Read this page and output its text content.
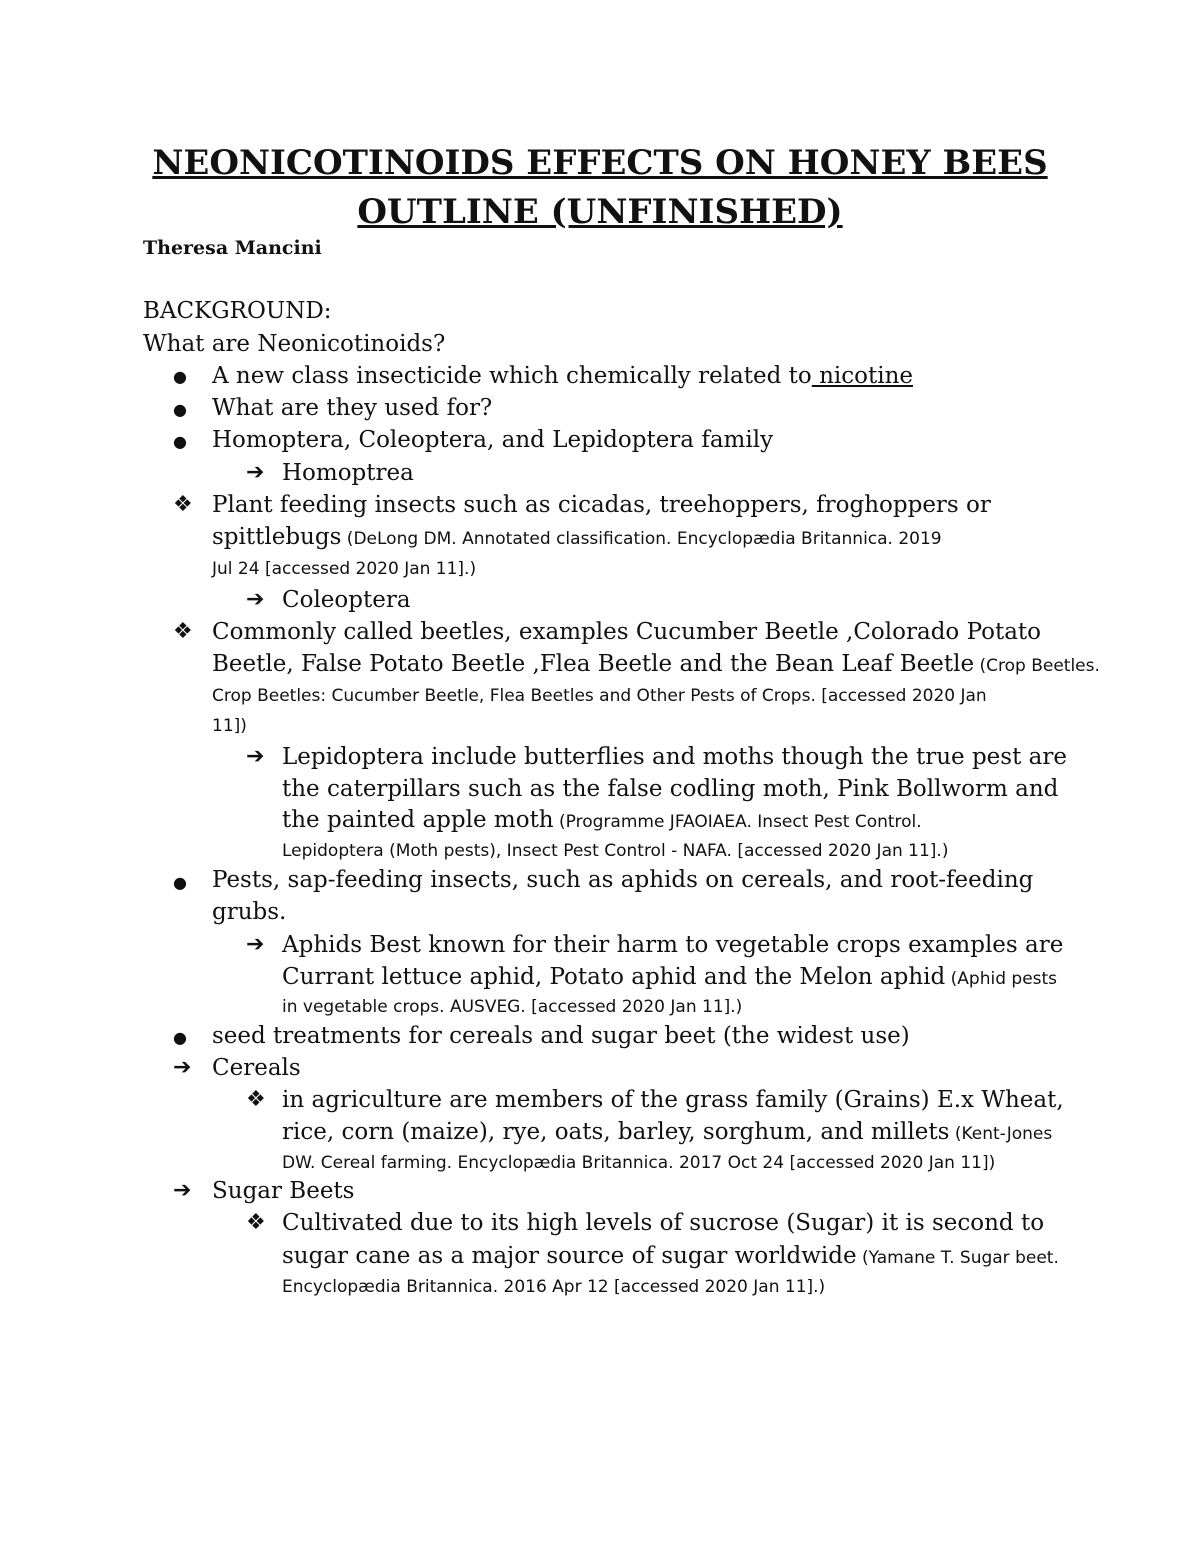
NEONICOTINOIDS EFFECTS ON HONEY BEES
OUTLINE (UNFINISHED)
Theresa Mancini
BACKGROUND:
What are Neonicotinoids?
● A new class insecticide which chemically related to nicotine
● What are they used for?
● Homoptera, Coleoptera, and Lepidoptera family
➔ Homoptrea
❖ Plant feeding insects such as cicadas, treehoppers, froghoppers or
spittlebugs (DeLong DM. Annotated classification. Encyclopædia Britannica. 2019
Jul 24 [accessed 2020 Jan 11].)
➔ Coleoptera
❖ Commonly called beetles, examples Cucumber Beetle ,Colorado Potato
Beetle, False Potato Beetle ,Flea Beetle and the Bean Leaf Beetle (Crop Beetles.
Crop Beetles: Cucumber Beetle, Flea Beetles and Other Pests of Crops. [accessed 2020 Jan
11])
➔ Lepidoptera include butterflies and moths though the true pest are
the caterpillars such as the false codling moth, Pink Bollworm and
the painted apple moth (Programme JFAOIAEA. Insect Pest Control.
Lepidoptera (Moth pests), Insect Pest Control - NAFA. [accessed 2020 Jan 11].)
● Pests, sap-feeding insects, such as aphids on cereals, and root-feeding
grubs.
➔ Aphids Best known for their harm to vegetable crops examples are
Currant lettuce aphid, Potato aphid and the Melon aphid (Aphid pests
in vegetable crops. AUSVEG. [accessed 2020 Jan 11].)
● seed treatments for cereals and sugar beet (the widest use)
➔ Cereals
❖ in agriculture are members of the grass family (Grains) E.x Wheat,
rice, corn (maize), rye, oats, barley, sorghum, and millets (Kent-Jones
DW. Cereal farming. Encyclopædia Britannica. 2017 Oct 24 [accessed 2020 Jan 11])
➔ Sugar Beets
❖ Cultivated due to its high levels of sucrose (Sugar) it is second to
sugar cane as a major source of sugar worldwide (Yamane T. Sugar beet.
Encyclopædia Britannica. 2016 Apr 12 [accessed 2020 Jan 11].)
